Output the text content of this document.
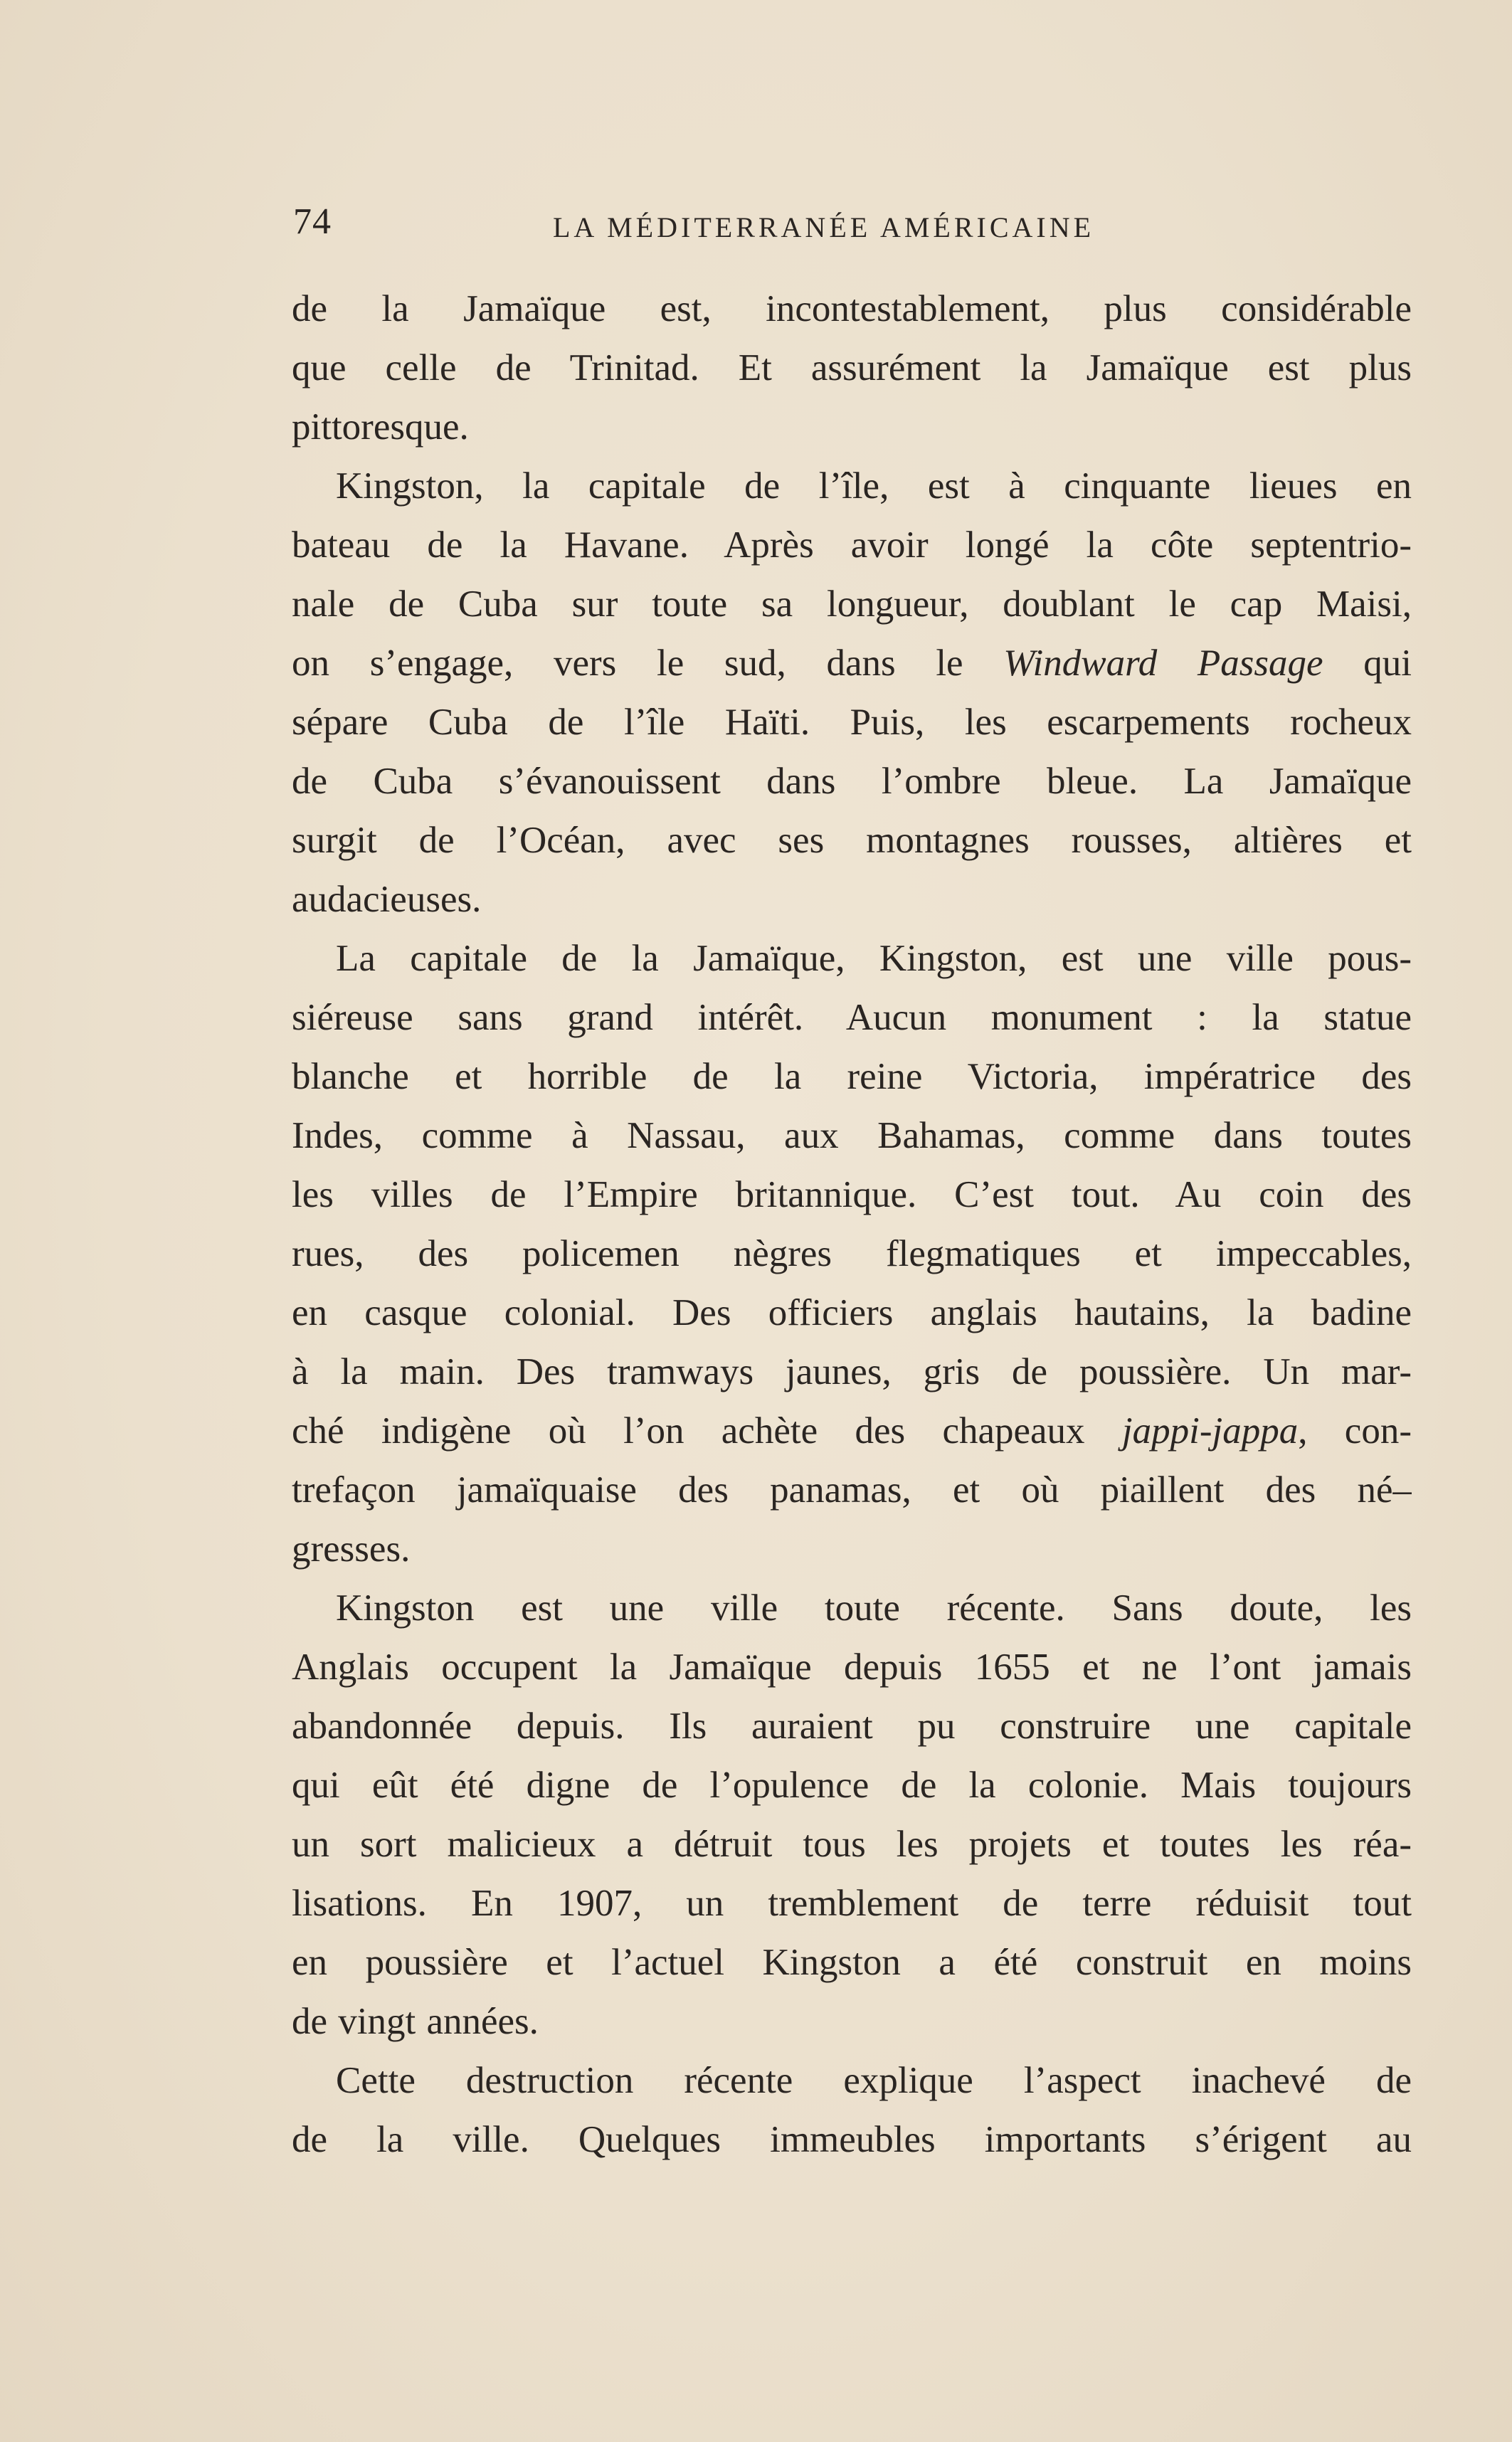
74	LA MÉDITERRANÉE AMÉRICAINE
de la Jamaïque est, incontestablement, plus considérable
que celle de Trinitad. Et assurément la Jamaïque est plus
pittoresque.
Kingston, la capitale de l’île, est à cinquante lieues en
bateau de la Havane. Après avoir longé la côte septentrio-
nale de Cuba sur toute sa longueur, doublant le cap Maisi,
on s’engage, vers le sud, dans le Windward Passage qui
sépare Cuba de l’île Haïti. Puis, les escarpements rocheux
de Cuba s’évanouissent dans l’ombre bleue. La Jamaïque
surgit de l’Océan, avec ses montagnes rousses, altières et
audacieuses.
La capitale de la Jamaïque, Kingston, est une ville pous-
siéreuse sans grand intérêt. Aucun monument : la statue
blanche et horrible de la reine Victoria, impératrice des
Indes, comme à Nassau, aux Bahamas, comme dans toutes
les villes de l’Empire britannique. C’est tout. Au coin des
rues, des policemen nègres flegmatiques et impeccables,
en casque colonial. Des officiers anglais hautains, la badine
à la main. Des tramways jaunes, gris de poussière. Un mar-
ché indigène où l’on achète des chapeaux jappi-jappa, con-
trefaçon jamaïquaise des panamas, et où piaillent des né–
gresses.
Kingston est une ville toute récente. Sans doute, les
Anglais occupent la Jamaïque depuis 1655 et ne l’ont jamais
abandonnée depuis. Ils auraient pu construire une capitale
qui eût été digne de l’opulence de la colonie. Mais toujours
un sort malicieux a détruit tous les projets et toutes les réa-
lisations. En 1907, un tremblement de terre réduisit tout
en poussière et l’actuel Kingston a été construit en moins
de vingt années.
Cette destruction récente explique l’aspect inachevé de
de la ville. Quelques immeubles importants s’érigent au
